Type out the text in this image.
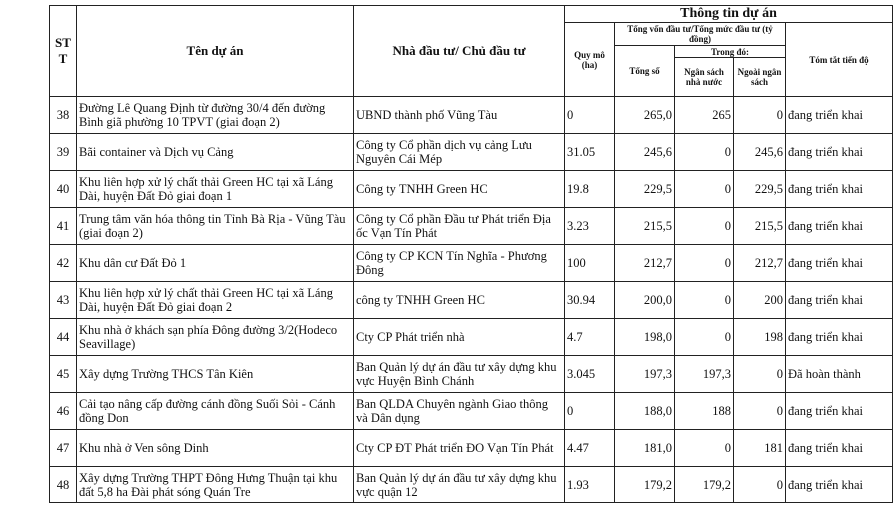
ST T	Tên dự án	Nhà đầu tư/ Chủ đầu tư	Thông tin dự án				
			Quy mô (ha)	Tổng vốn đầu tư/Tổng mức đầu tư (tỷ đồng)			Tóm tắt tiến độ
				Tổng số	Trong đó:		
					Ngân sách nhà nước	Ngoài ngân sách	
38	Đường Lê Quang Định từ đường 30/4 đến đường Bình giã phường 10 TPVT (giai đoạn 2)	UBND thành phố Vũng Tàu	0	265,0	265	0	đang triển khai
39	Bãi container và Dịch vụ Cảng	Công ty Cổ phần dịch vụ cảng Lưu Nguyên Cái Mép	31.05	245,6	0	245,6	đang triển khai
40	Khu liên hợp xử lý chất thải Green HC tại xã Láng Dài, huyện Đất Đỏ giai đoạn 1	Công ty TNHH Green HC	19.8	229,5	0	229,5	đang triển khai
41	Trung tâm văn hóa thông tin Tỉnh Bà Rịa - Vũng Tàu (giai đoạn 2)	Công ty Cổ phần Đầu tư Phát triển Địa ốc Vạn Tín Phát	3.23	215,5	0	215,5	đang triển khai
42	Khu dân cư Đất Đỏ 1	Công ty CP KCN Tín Nghĩa - Phương Đông	100	212,7	0	212,7	đang triển khai
43	Khu liên hợp xử lý chất thải Green HC tại xã Láng Dài, huyện Đất Đỏ giai đoạn 2	công ty TNHH Green HC	30.94	200,0	0	200	đang triển khai
44	Khu nhà ở khách sạn phía Đông đường 3/2(Hodeco Seavillage)	Cty CP Phát triển nhà	4.7	198,0	0	198	đang triển khai
45	Xây dựng Trường THCS Tân Kiên	Ban Quản lý dự án đầu tư xây dựng khu vực Huyện Bình Chánh	3.045	197,3	197,3	0	Đã hoàn thành
46	Cải tạo nâng cấp đường cánh đồng Suối Sỏi - Cánh đồng Don	Ban QLDA Chuyên ngành Giao thông và Dân dụng	0	188,0	188	0	đang triển khai
47	Khu nhà ở Ven sông Dinh	Cty CP ĐT Phát triển ĐO Vạn Tín Phát	4.47	181,0	0	181	đang triển khai
48	Xây dựng Trường THPT Đông Hưng Thuận tại khu đất 5,8 ha Đài phát sóng Quán Tre	Ban Quản lý dự án đầu tư xây dựng khu vực quận 12	1.93	179,2	179,2	0	đang triển khai
